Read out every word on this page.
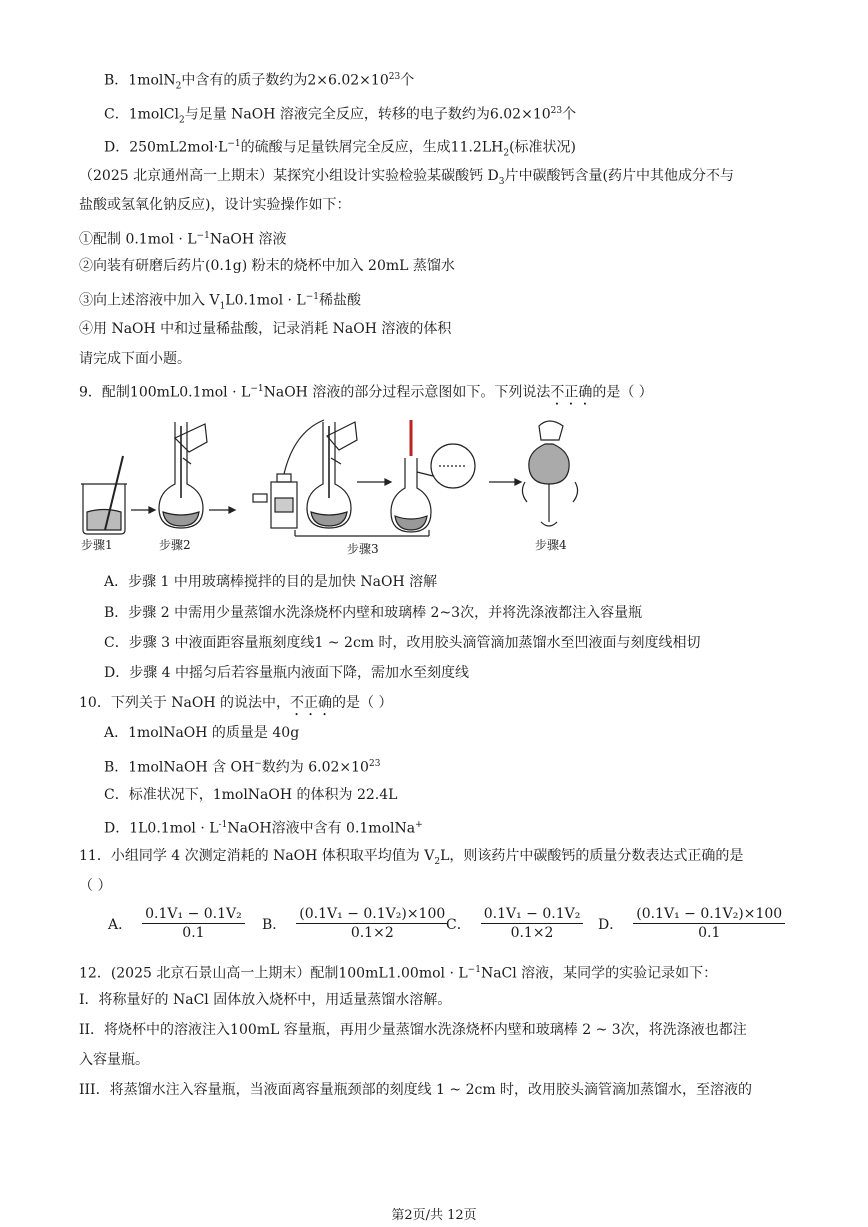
B．1molN$_2$中含有的质子数约为$2\times 6.02\times 10^{23}$个
C．1molCl$_2$与足量 NaOH 溶液完全反应，转移的电子数约为$6.02\times 10^{23}$个
D．$250mL2mol\cdot L^{-1}$的硫酸与足量铁屑完全反应，生成$11.2LH_2$(标准状况)
（2025 北京通州高一上期末）某探究小组设计实验检验某碳酸钙 $D_3$片中碳酸钙含量(药片中其他成分不与
盐酸或氢氧化钠反应)，设计实验操作如下：
①配制 $0.1mol \cdot L^{-1}NaOH$ 溶液
②向装有研磨后药片(0.1g) 粉末的烧杯中加入 20mL 蒸馏水
③向上述溶液中加入 $V_1L0.1mol \cdot L^{-1}$稀盐酸
④用 NaOH 中和过量稀盐酸，记录消耗 NaOH 溶液的体积
请完成下面小题。
9．配制$100mL0.1mol \cdot L^{-1}NaOH$ 溶液的部分过程示意图如下。下列说法不正确的是（ ）
步骤1	步骤2	步骤3	步骤4
A．步骤 1 中用玻璃棒搅拌的目的是加快 NaOH 溶解
B．步骤 2 中需用少量蒸馏水洗涤烧杯内壁和玻璃棒 2~3次，并将洗涤液都注入容量瓶
C．步骤 3 中液面距容量瓶刻度线1 ~ 2cm 时，改用胶头滴管滴加蒸馏水至凹液面与刻度线相切
D．步骤 4 中摇匀后若容量瓶内液面下降，需加水至刻度线
10．下列关于 NaOH 的说法中，不正确的是（ ）
A．1molNaOH 的质量是 40g
B．1molNaOH 含 OH−数约为 $6.02\times 10^{23}$
C．标准状况下，1molNaOH 的体积为 22.4L
D．$1L0.1mol \cdot L^{-1}NaOH$溶液中含有 0.1molNa+
11．小组同学 4 次测定消耗的 NaOH 体积取平均值为 $V_2L$，则该药片中碳酸钙的质量分数表达式正确的是
（ ）
A． $\frac{\text{0.1V₁ − 0.1V₂}}{0.1}$ B． $\frac{\text{(0.1V₁ − 0.1V₂)×100}}{0.1\times 2}$
C． $\frac{\text{0.1V₁ − 0.1V₂}}{0.1\times 2}$ D． $\frac{\text{(0.1V₁ − 0.1V₂)×100}}{0.1}$
12．(2025 北京石景山高一上期末）配制$100mL1.00mol \cdot L^{-1}NaCl$ 溶液，某同学的实验记录如下：
I．将称量好的 NaCl 固体放入烧杯中，用适量蒸馏水溶解。
II．将烧杯中的溶液注入100mL 容量瓶，再用少量蒸馏水洗涤烧杯内壁和玻璃棒 2 ~ 3次，将洗涤液也都注
入容量瓶。
III．将蒸馏水注入容量瓶，当液面离容量瓶颈部的刻度线 1 ~ 2cm 时，改用胶头滴管滴加蒸馏水，至溶液的
第2页/共 12页
